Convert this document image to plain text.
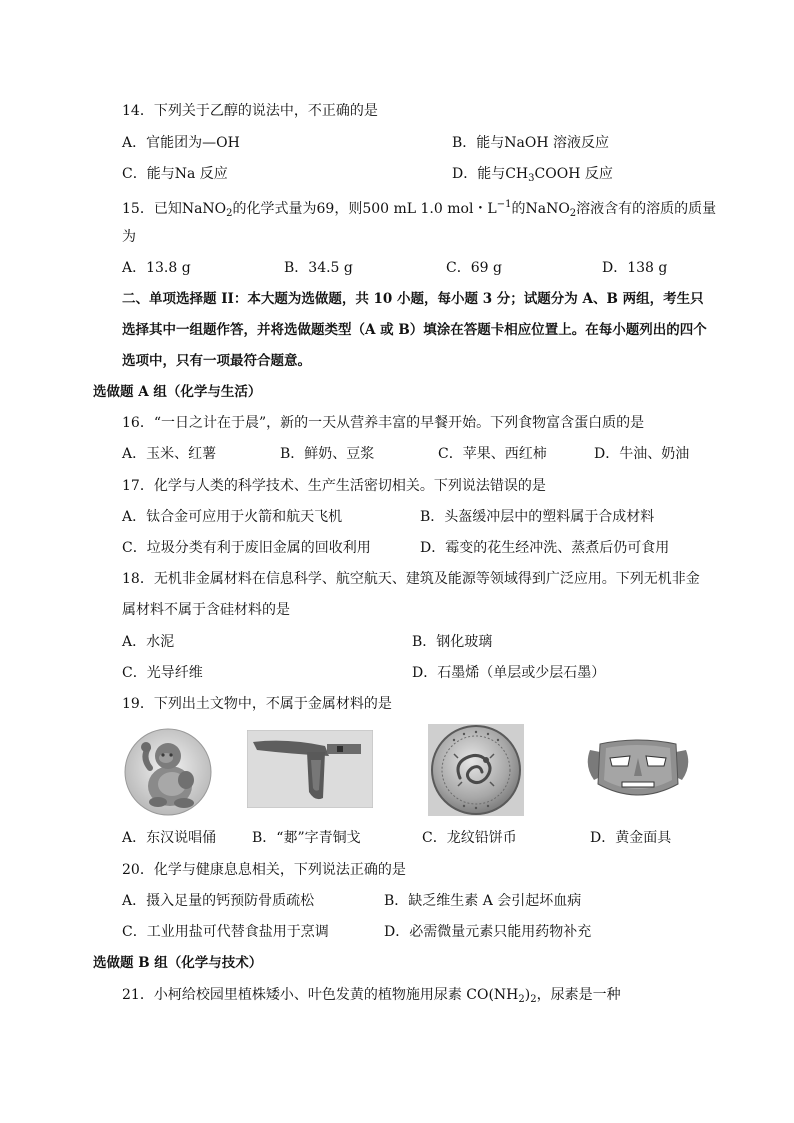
14．下列关于乙醇的说法中，不正确的是
A．官能团为—OH	B．能与NaOH 溶液反应
C．能与Na 反应	D．能与$CH_3COOH$ 反应
15．已知NaNO$_2$的化学式量为69，则500 mL 1.0 mol・$L^{-1}$的NaNO$_2$溶液含有的溶质的质量
为
A．13.8 g	B．34.5 g	C．69 g	D．138 g
二、单项选择题 II：本大题为选做题，共 10 小题，每小题 3 分；试题分为 A、B 两组，考生只
选择其中一组题作答，并将选做题类型（A 或 B）填涂在答题卡相应位置上。在每小题列出的四个
选项中，只有一项最符合题意。
选做题 A 组（化学与生活）
16．“一日之计在于晨”，新的一天从营养丰富的早餐开始。下列食物富含蛋白质的是
A．玉米、红薯	B．鲜奶、豆浆	C．苹果、西红柿	D．牛油、奶油
17．化学与人类的科学技术、生产生活密切相关。下列说法错误的是
A．钛合金可应用于火箭和航天飞机	B．头盔缓冲层中的塑料属于合成材料
C．垃圾分类有利于废旧金属的回收利用	D．霉变的花生经冲洗、蒸煮后仍可食用
18．无机非金属材料在信息科学、航空航天、建筑及能源等领域得到广泛应用。下列无机非金
属材料不属于含硅材料的是
A．水泥	B．钢化玻璃
C．光导纤维	D．石墨烯（单层或少层石墨）
19．下列出土文物中，不属于金属材料的是
A．东汉说唱俑	B．“郪”字青铜戈	C．龙纹铅饼币	D．黄金面具
20．化学与健康息息相关，下列说法正确的是
A．摄入足量的钙预防骨质疏松	B．缺乏维生素 A 会引起坏血病
C．工业用盐可代替食盐用于烹调	D．必需微量元素只能用药物补充
选做题 B 组（化学与技术）
21．小柯给校园里植株矮小、叶色发黄的植物施用尿素 $CO(NH_2)_2$，尿素是一种
